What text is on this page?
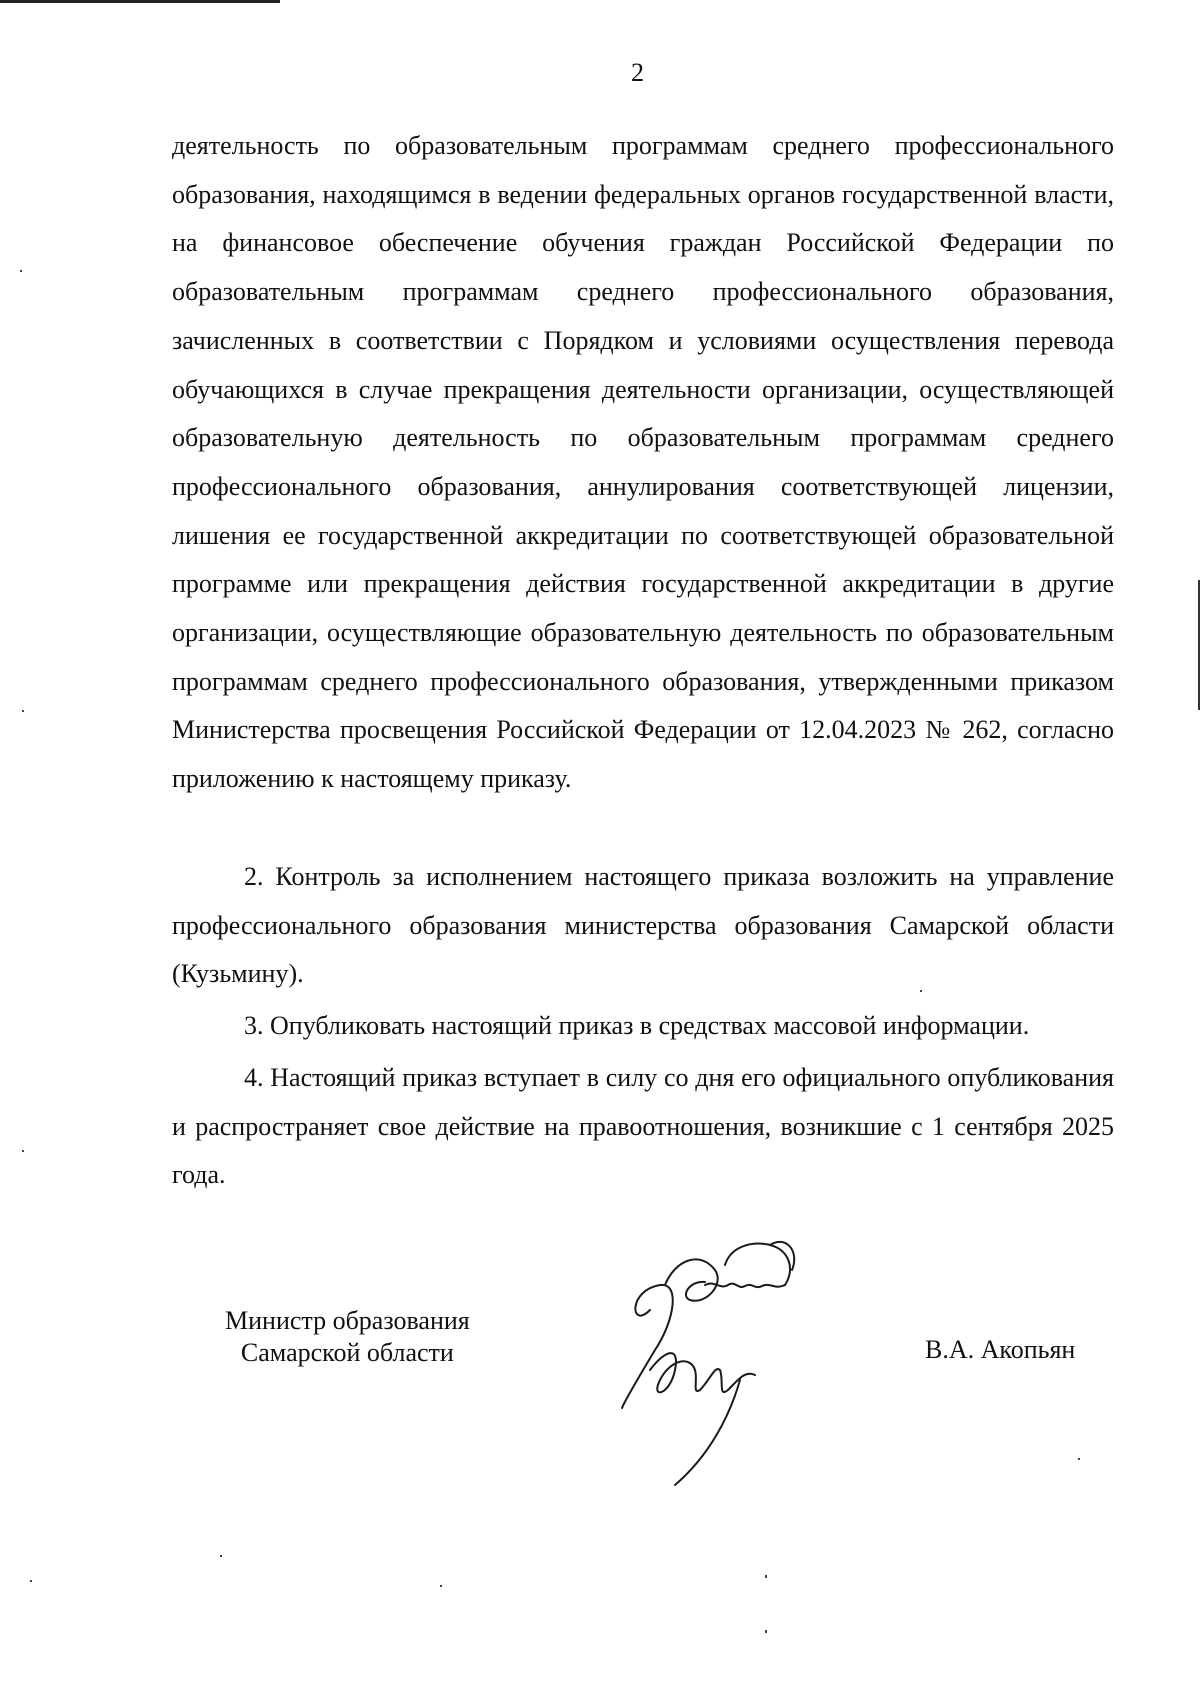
2

деятельность по образовательным программам среднего профессионального образования, находящимся в ведении федеральных органов государственной власти, на финансовое обеспечение обучения граждан Российской Федерации по образовательным программам среднего профессионального образования, зачисленных в соответствии с Порядком и условиями осуществления перевода обучающихся в случае прекращения деятельности организации, осуществляющей образовательную деятельность по образовательным программам среднего профессионального образования, аннулирования соответствующей лицензии, лишения ее государственной аккредитации по соответствующей образовательной программе или прекращения действия государственной аккредитации в другие организации, осуществляющие образовательную деятельность по образовательным программам среднего профессионального образования, утвержденными приказом Министерства просвещения Российской Федерации от 12.04.2023 № 262, согласно приложению к настоящему приказу.

2. Контроль за исполнением настоящего приказа возложить на управление профессионального образования министерства образования Самарской области (Кузьмину).

3. Опубликовать настоящий приказ в средствах массовой информации.

4. Настоящий приказ вступает в силу со дня его официального опубликования и распространяет свое действие на правоотношения, возникшие с 1 сентября 2025 года.

Министр образования
Самарской области	В.А. Акопьян
